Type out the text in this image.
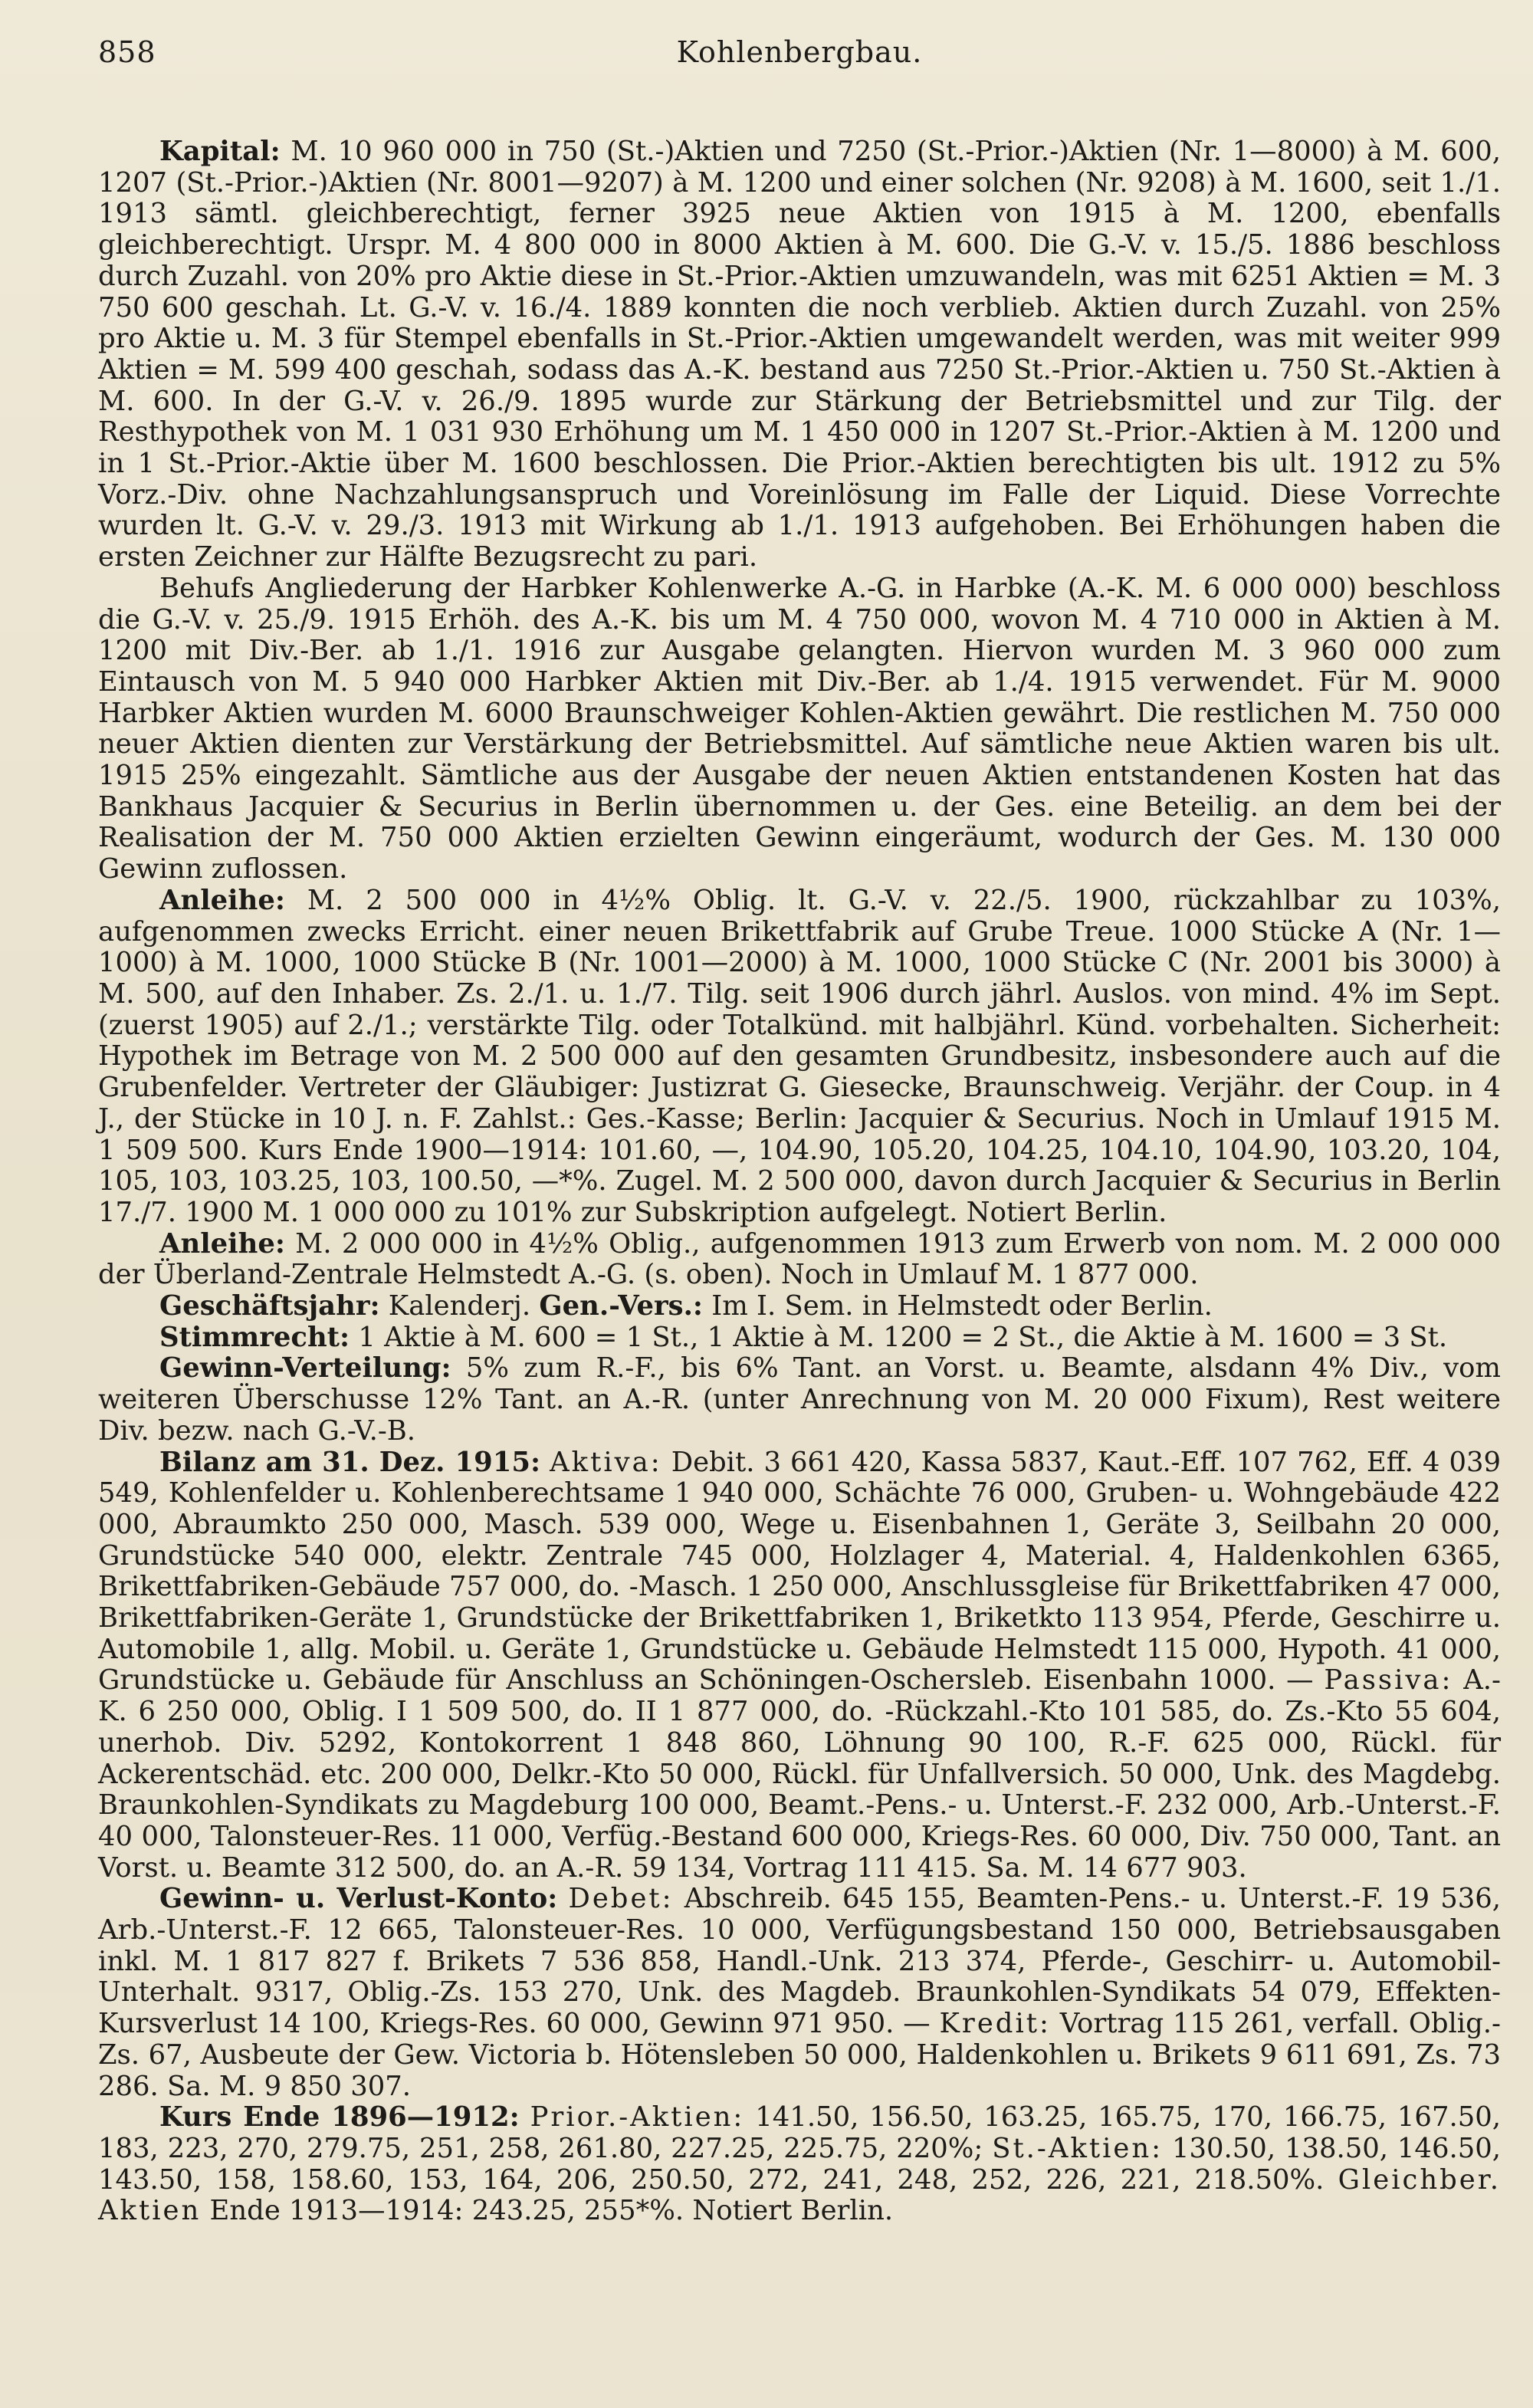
858	Kohlenbergbau.

Kapital: M. 10 960 000 in 750 (St.-)Aktien und 7250 (St.-Prior.-)Aktien (Nr. 1—8000) à M. 600, 1207 (St.-Prior.-)Aktien (Nr. 8001—9207) à M. 1200 und einer solchen (Nr. 9208) à M. 1600, seit 1./1. 1913 sämtl. gleichberechtigt, ferner 3925 neue Aktien von 1915 à M. 1200, ebenfalls gleichberechtigt. Urspr. M. 4 800 000 in 8000 Aktien à M. 600. Die G.-V. v. 15./5. 1886 beschloss durch Zuzahl. von 20% pro Aktie diese in St.-Prior.-Aktien umzuwandeln, was mit 6251 Aktien = M. 3 750 600 geschah. Lt. G.-V. v. 16./4. 1889 konnten die noch verblieb. Aktien durch Zuzahl. von 25% pro Aktie u. M. 3 für Stempel ebenfalls in St.-Prior.-Aktien umgewandelt werden, was mit weiter 999 Aktien = M. 599 400 geschah, sodass das A.-K. bestand aus 7250 St.-Prior.-Aktien u. 750 St.-Aktien à M. 600. In der G.-V. v. 26./9. 1895 wurde zur Stärkung der Betriebsmittel und zur Tilg. der Resthypothek von M. 1 031 930 Erhöhung um M. 1 450 000 in 1207 St.-Prior.-Aktien à M. 1200 und in 1 St.-Prior.-Aktie über M. 1600 beschlossen. Die Prior.-Aktien berechtigten bis ult. 1912 zu 5% Vorz.-Div. ohne Nachzahlungsanspruch und Voreinlösung im Falle der Liquid. Diese Vorrechte wurden lt. G.-V. v. 29./3. 1913 mit Wirkung ab 1./1. 1913 aufgehoben. Bei Erhöhungen haben die ersten Zeichner zur Hälfte Bezugsrecht zu pari.

Behufs Angliederung der Harbker Kohlenwerke A.-G. in Harbke (A.-K. M. 6 000 000) beschloss die G.-V. v. 25./9. 1915 Erhöh. des A.-K. bis um M. 4 750 000, wovon M. 4 710 000 in Aktien à M. 1200 mit Div.-Ber. ab 1./1. 1916 zur Ausgabe gelangten. Hiervon wurden M. 3 960 000 zum Eintausch von M. 5 940 000 Harbker Aktien mit Div.-Ber. ab 1./4. 1915 verwendet. Für M. 9000 Harbker Aktien wurden M. 6000 Braunschweiger Kohlen-Aktien gewährt. Die restlichen M. 750 000 neuer Aktien dienten zur Verstärkung der Betriebsmittel. Auf sämtliche neue Aktien waren bis ult. 1915 25% eingezahlt. Sämtliche aus der Ausgabe der neuen Aktien entstandenen Kosten hat das Bankhaus Jacquier & Securius in Berlin übernommen u. der Ges. eine Beteilig. an dem bei der Realisation der M. 750 000 Aktien erzielten Gewinn eingeräumt, wodurch der Ges. M. 130 000 Gewinn zuflossen.

Anleihe: M. 2 500 000 in 4½% Oblig. lt. G.-V. v. 22./5. 1900, rückzahlbar zu 103%, aufgenommen zwecks Erricht. einer neuen Brikettfabrik auf Grube Treue. 1000 Stücke A (Nr. 1—1000) à M. 1000, 1000 Stücke B (Nr. 1001—2000) à M. 1000, 1000 Stücke C (Nr. 2001 bis 3000) à M. 500, auf den Inhaber. Zs. 2./1. u. 1./7. Tilg. seit 1906 durch jährl. Auslos. von mind. 4% im Sept. (zuerst 1905) auf 2./1.; verstärkte Tilg. oder Totalkünd. mit halbjährl. Künd. vorbehalten. Sicherheit: Hypothek im Betrage von M. 2 500 000 auf den gesamten Grundbesitz, insbesondere auch auf die Grubenfelder. Vertreter der Gläubiger: Justizrat G. Giesecke, Braunschweig. Verjähr. der Coup. in 4 J., der Stücke in 10 J. n. F. Zahlst.: Ges.-Kasse; Berlin: Jacquier & Securius. Noch in Umlauf 1915 M. 1 509 500. Kurs Ende 1900—1914: 101.60, —, 104.90, 105.20, 104.25, 104.10, 104.90, 103.20, 104, 105, 103, 103.25, 103, 100.50, —*%. Zugel. M. 2 500 000, davon durch Jacquier & Securius in Berlin 17./7. 1900 M. 1 000 000 zu 101% zur Subskription aufgelegt. Notiert Berlin.

Anleihe: M. 2 000 000 in 4½% Oblig., aufgenommen 1913 zum Erwerb von nom. M. 2 000 000 der Überland-Zentrale Helmstedt A.-G. (s. oben). Noch in Umlauf M. 1 877 000.

Geschäftsjahr: Kalenderj. Gen.-Vers.: Im I. Sem. in Helmstedt oder Berlin.

Stimmrecht: 1 Aktie à M. 600 = 1 St., 1 Aktie à M. 1200 = 2 St., die Aktie à M. 1600 = 3 St.

Gewinn-Verteilung: 5% zum R.-F., bis 6% Tant. an Vorst. u. Beamte, alsdann 4% Div., vom weiteren Überschusse 12% Tant. an A.-R. (unter Anrechnung von M. 20 000 Fixum), Rest weitere Div. bezw. nach G.-V.-B.

Bilanz am 31. Dez. 1915: Aktiva: Debit. 3 661 420, Kassa 5837, Kaut.-Eff. 107 762, Eff. 4 039 549, Kohlenfelder u. Kohlenberechtsame 1 940 000, Schächte 76 000, Gruben- u. Wohngebäude 422 000, Abraumkto 250 000, Masch. 539 000, Wege u. Eisenbahnen 1, Geräte 3, Seilbahn 20 000, Grundstücke 540 000, elektr. Zentrale 745 000, Holzlager 4, Material. 4, Haldenkohlen 6365, Brikettfabriken-Gebäude 757 000, do. -Masch. 1 250 000, Anschlussgleise für Brikettfabriken 47 000, Brikettfabriken-Geräte 1, Grundstücke der Brikettfabriken 1, Briketkto 113 954, Pferde, Geschirre u. Automobile 1, allg. Mobil. u. Geräte 1, Grundstücke u. Gebäude Helmstedt 115 000, Hypoth. 41 000, Grundstücke u. Gebäude für Anschluss an Schöningen-Oschersleb. Eisenbahn 1000. — Passiva: A.-K. 6 250 000, Oblig. I 1 509 500, do. II 1 877 000, do. -Rückzahl.-Kto 101 585, do. Zs.-Kto 55 604, unerhob. Div. 5292, Kontokorrent 1 848 860, Löhnung 90 100, R.-F. 625 000, Rückl. für Ackerentschäd. etc. 200 000, Delkr.-Kto 50 000, Rückl. für Unfallversich. 50 000, Unk. des Magdebg. Braunkohlen-Syndikats zu Magdeburg 100 000, Beamt.-Pens.- u. Unterst.-F. 232 000, Arb.-Unterst.-F. 40 000, Talonsteuer-Res. 11 000, Verfüg.-Bestand 600 000, Kriegs-Res. 60 000, Div. 750 000, Tant. an Vorst. u. Beamte 312 500, do. an A.-R. 59 134, Vortrag 111 415. Sa. M. 14 677 903.

Gewinn- u. Verlust-Konto: Debet: Abschreib. 645 155, Beamten-Pens.- u. Unterst.-F. 19 536, Arb.-Unterst.-F. 12 665, Talonsteuer-Res. 10 000, Verfügungsbestand 150 000, Betriebsausgaben inkl. M. 1 817 827 f. Brikets 7 536 858, Handl.-Unk. 213 374, Pferde-, Geschirr- u. Automobil-Unterhalt. 9317, Oblig.-Zs. 153 270, Unk. des Magdeb. Braunkohlen-Syndikats 54 079, Effekten-Kursverlust 14 100, Kriegs-Res. 60 000, Gewinn 971 950. — Kredit: Vortrag 115 261, verfall. Oblig.-Zs. 67, Ausbeute der Gew. Victoria b. Hötensleben 50 000, Haldenkohlen u. Brikets 9 611 691, Zs. 73 286. Sa. M. 9 850 307.

Kurs Ende 1896—1912: Prior.-Aktien: 141.50, 156.50, 163.25, 165.75, 170, 166.75, 167.50, 183, 223, 270, 279.75, 251, 258, 261.80, 227.25, 225.75, 220%; St.-Aktien: 130.50, 138.50, 146.50, 143.50, 158, 158.60, 153, 164, 206, 250.50, 272, 241, 248, 252, 226, 221, 218.50%. Gleichber. Aktien Ende 1913—1914: 243.25, 255*%. Notiert Berlin.
